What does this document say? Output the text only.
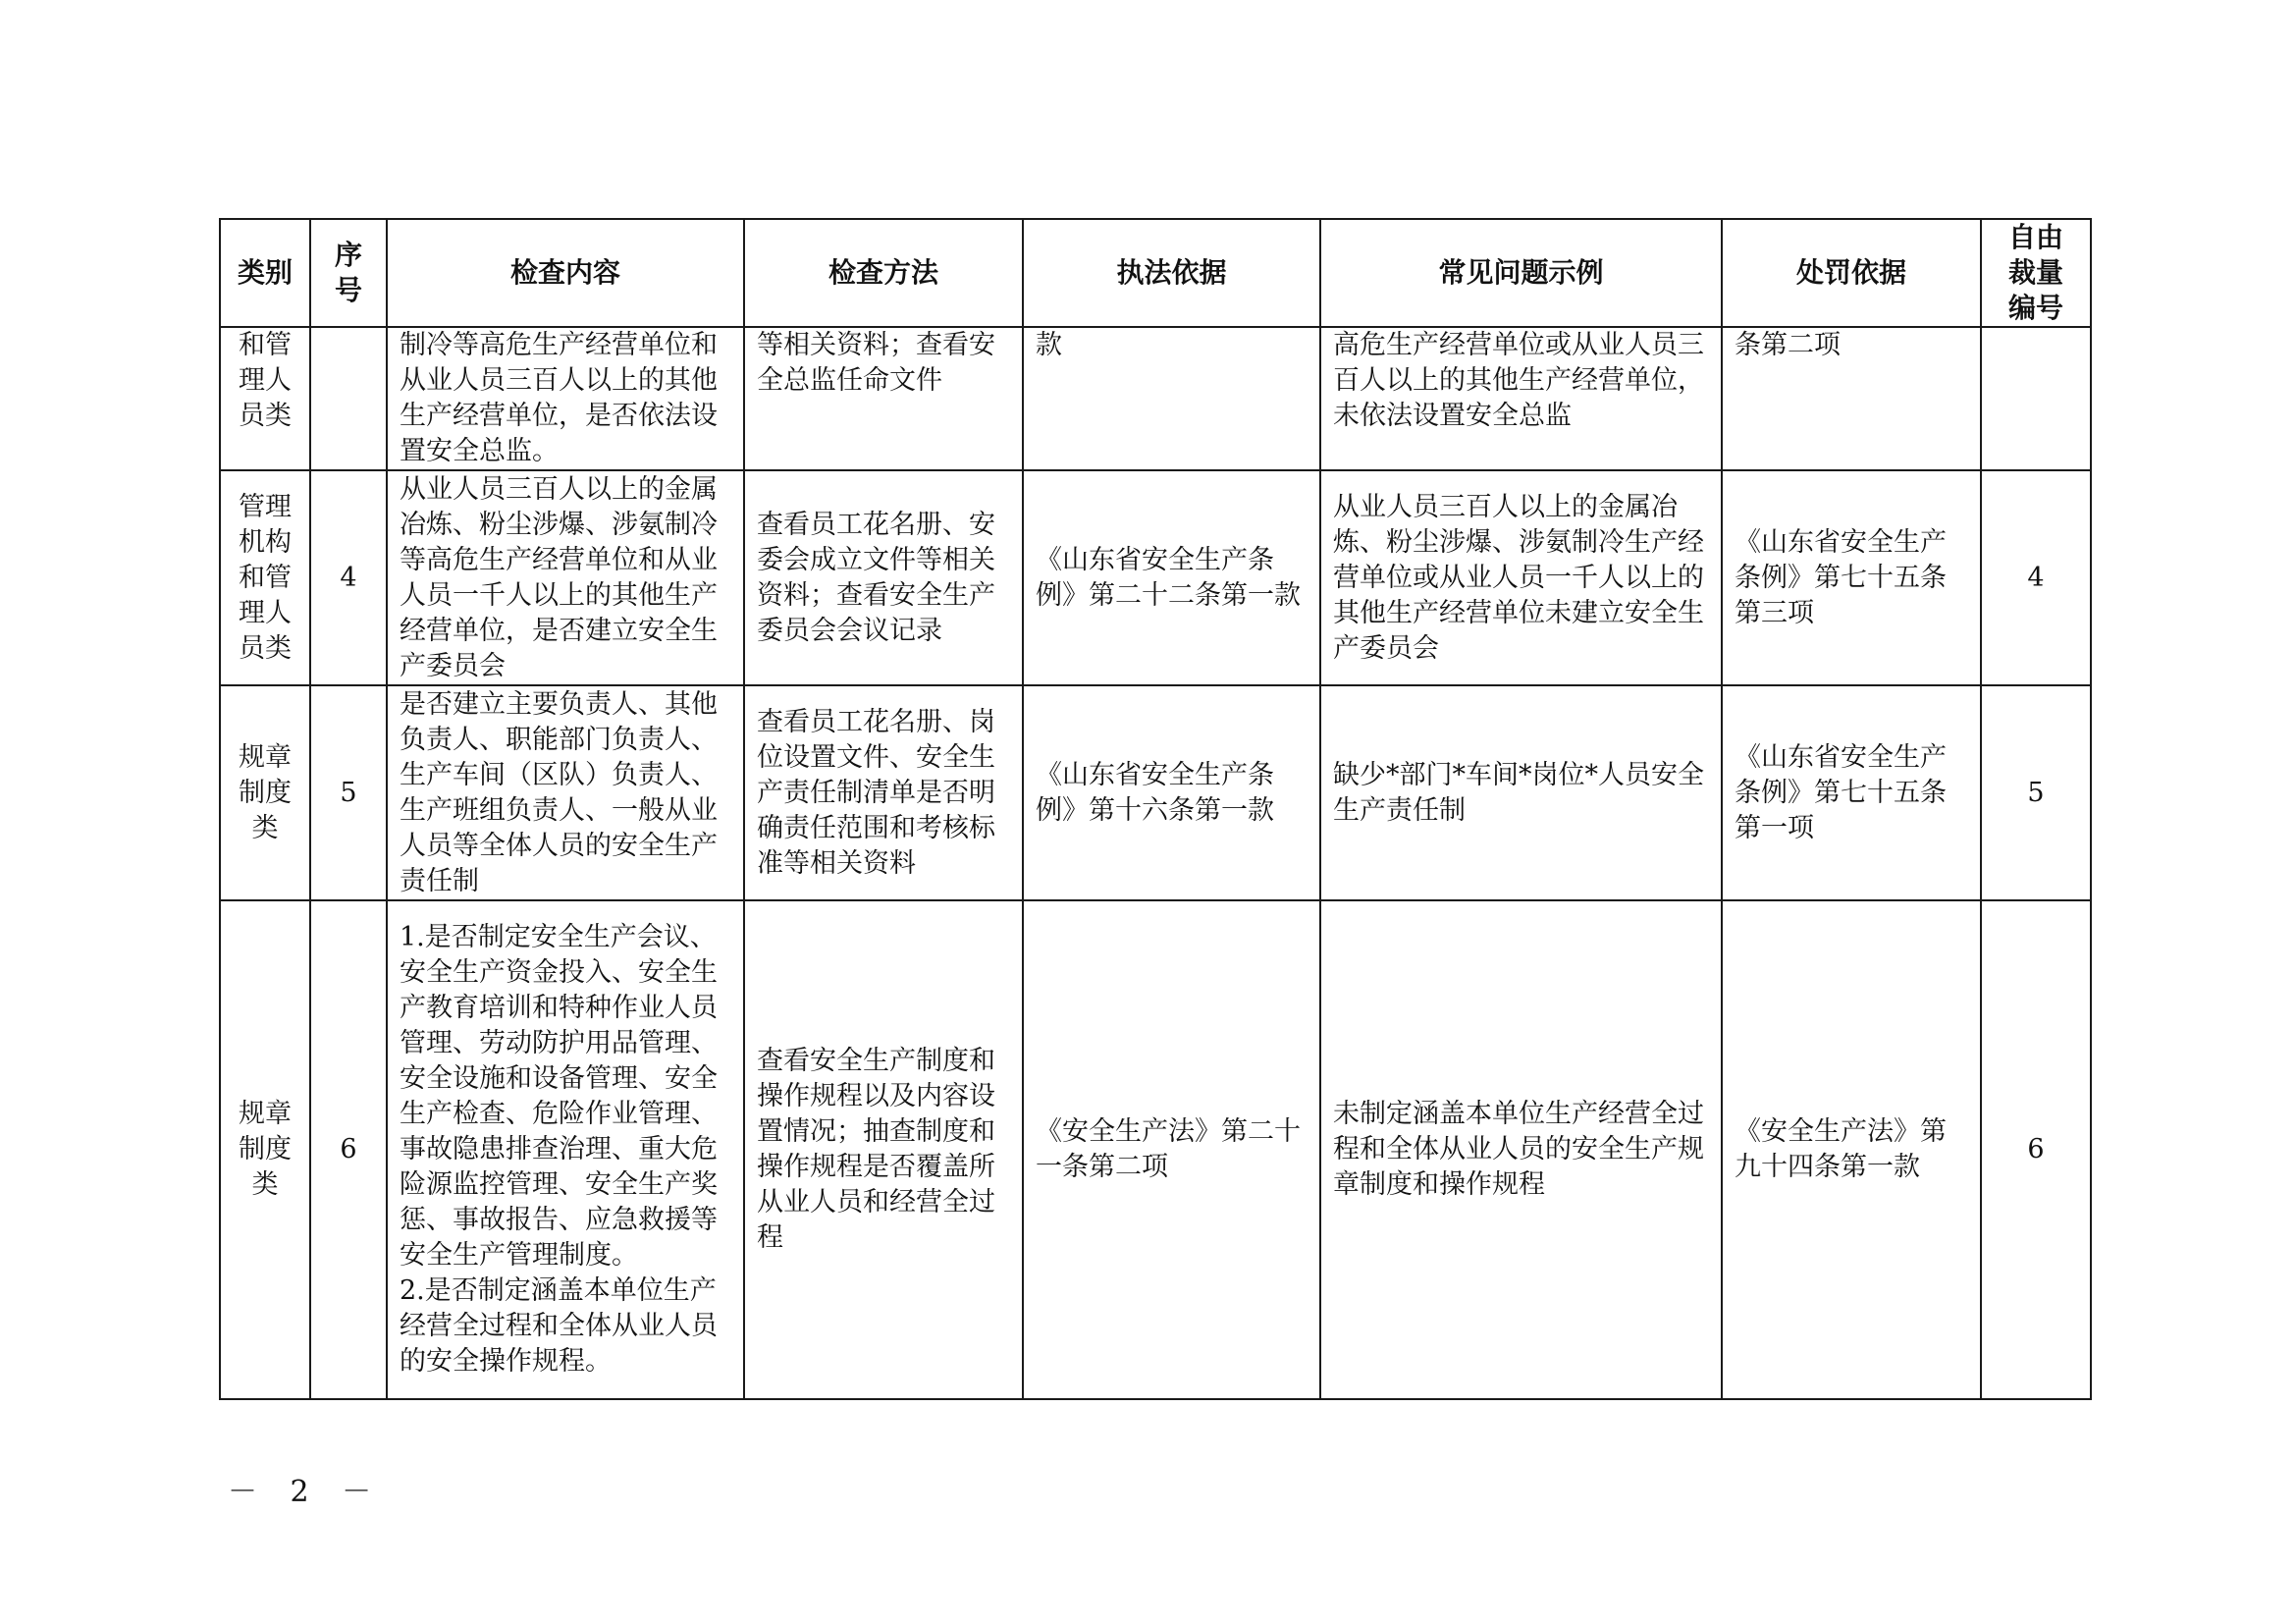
类别	序号	检查内容	检查方法	执法依据	常见问题示例	处罚依据	自由裁量编号
和管理人员类		制冷等高危生产经营单位和从业人员三百人以上的其他生产经营单位，是否依法设置安全总监。	等相关资料；查看安全总监任命文件	款	高危生产经营单位或从业人员三百人以上的其他生产经营单位，未依法设置安全总监	条第二项	
管理机构和管理人员类	4	从业人员三百人以上的金属冶炼、粉尘涉爆、涉氨制冷等高危生产经营单位和从业人员一千人以上的其他生产经营单位，是否建立安全生产委员会	查看员工花名册、安委会成立文件等相关资料；查看安全生产委员会会议记录	《山东省安全生产条例》第二十二条第一款	从业人员三百人以上的金属冶炼、粉尘涉爆、涉氨制冷生产经营单位或从业人员一千人以上的其他生产经营单位未建立安全生产委员会	《山东省安全生产条例》第七十五条第三项	4
规章制度类	5	是否建立主要负责人、其他负责人、职能部门负责人、生产车间（区队）负责人、生产班组负责人、一般从业人员等全体人员的安全生产责任制	查看员工花名册、岗位设置文件、安全生产责任制清单是否明确责任范围和考核标准等相关资料	《山东省安全生产条例》第十六条第一款	缺少*部门*车间*岗位*人员安全生产责任制	《山东省安全生产条例》第七十五条第一项	5
规章制度类	6	1.是否制定安全生产会议、安全生产资金投入、安全生产教育培训和特种作业人员管理、劳动防护用品管理、安全设施和设备管理、安全生产检查、危险作业管理、事故隐患排查治理、重大危险源监控管理、安全生产奖惩、事故报告、应急救援等安全生产管理制度。
2.是否制定涵盖本单位生产经营全过程和全体从业人员的安全操作规程。	查看安全生产制度和操作规程以及内容设置情况；抽查制度和操作规程是否覆盖所从业人员和经营全过程	《安全生产法》第二十一条第二项	未制定涵盖本单位生产经营全过程和全体从业人员的安全生产规章制度和操作规程	《安全生产法》第九十四条第一款	6
－ 2 －
